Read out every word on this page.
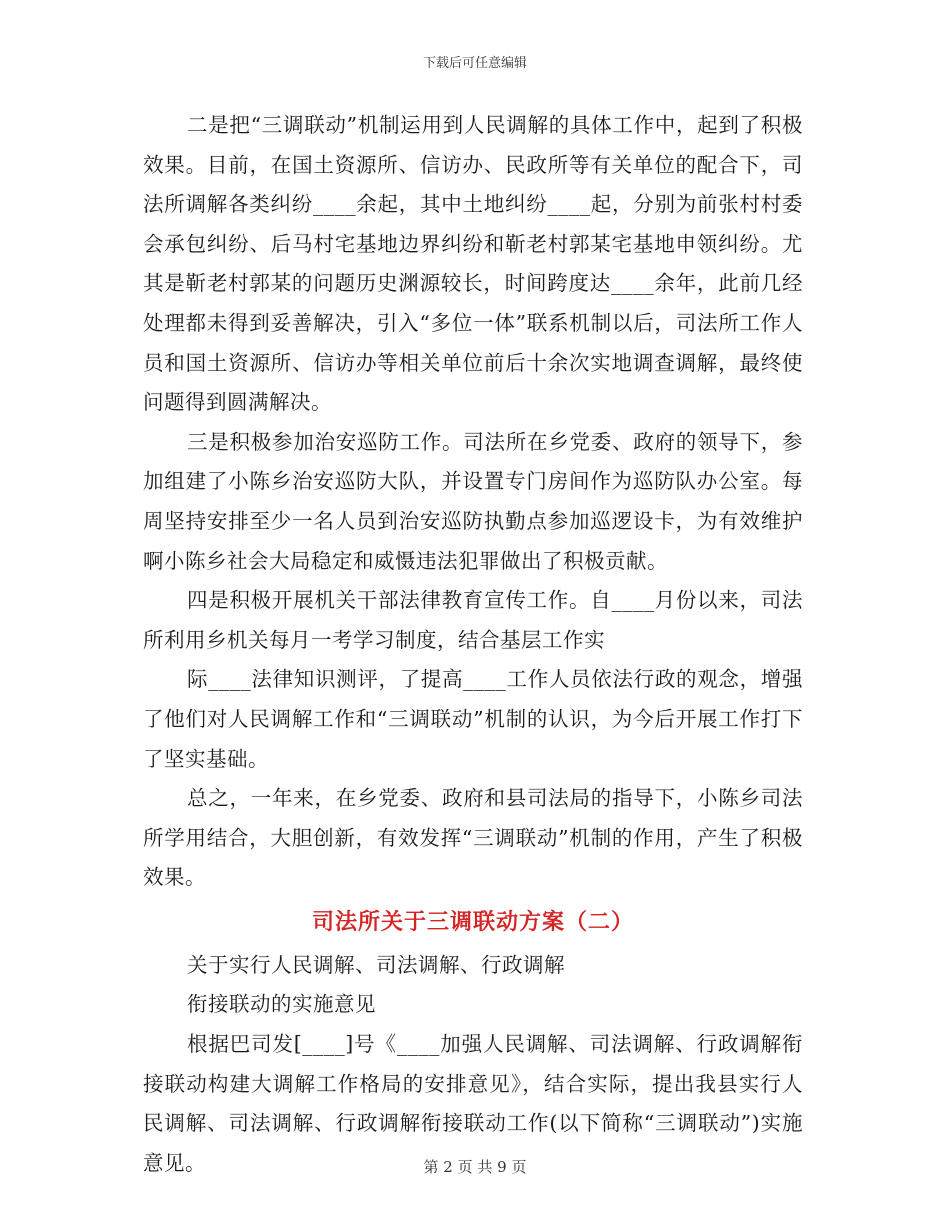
下载后可任意编辑

二是把“三调联动”机制运用到人民调解的具体工作中，起到了积极效果。目前，在国土资源所、信访办、民政所等有关单位的配合下，司法所调解各类纠纷____余起，其中土地纠纷____起，分别为前张村村委会承包纠纷、后马村宅基地边界纠纷和靳老村郭某宅基地申领纠纷。尤其是靳老村郭某的问题历史渊源较长，时间跨度达____余年，此前几经处理都未得到妥善解决，引入“多位一体”联系机制以后，司法所工作人员和国土资源所、信访办等相关单位前后十余次实地调查调解，最终使问题得到圆满解决。

三是积极参加治安巡防工作。司法所在乡党委、政府的领导下，参加组建了小陈乡治安巡防大队，并设置专门房间作为巡防队办公室。每周坚持安排至少一名人员到治安巡防执勤点参加巡逻设卡，为有效维护啊小陈乡社会大局稳定和威慑违法犯罪做出了积极贡献。

四是积极开展机关干部法律教育宣传工作。自____月份以来，司法所利用乡机关每月一考学习制度，结合基层工作实

际____法律知识测评，了提高____工作人员依法行政的观念，增强了他们对人民调解工作和“三调联动”机制的认识，为今后开展工作打下了坚实基础。

总之，一年来，在乡党委、政府和县司法局的指导下，小陈乡司法所学用结合，大胆创新，有效发挥“三调联动”机制的作用，产生了积极效果。

司法所关于三调联动方案（二）

关于实行人民调解、司法调解、行政调解

衔接联动的实施意见

根据巴司发[____]号《____加强人民调解、司法调解、行政调解衔接联动构建大调解工作格局的安排意见》，结合实际，提出我县实行人民调解、司法调解、行政调解衔接联动工作(以下简称“三调联动”)实施意见。	第 2 页 共 9 页
